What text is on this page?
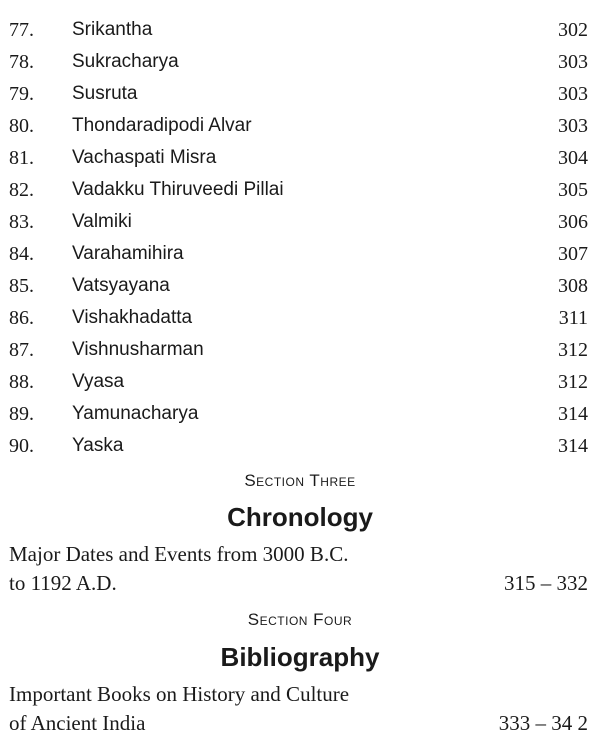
77. Srikantha	302
78. Sukracharya	303
79. Susruta	303
80. Thondaradipodi Alvar	303
81. Vachaspati Misra	304
82. Vadakku Thiruveedi Pillai	305
83. Valmiki	306
84. Varahamihira	307
85. Vatsyayana	308
86. Vishakhadatta	311
87. Vishnusharman	312
88. Vyasa	312
89. Yamunacharya	314
90. Yaska	314
Section Three
Chronology
Major Dates and Events from 3000 B.C.
to 1192 A.D.	315 – 332
Section Four
Bibliography
Important Books on History and Culture
of Ancient India	333 – 34 2
